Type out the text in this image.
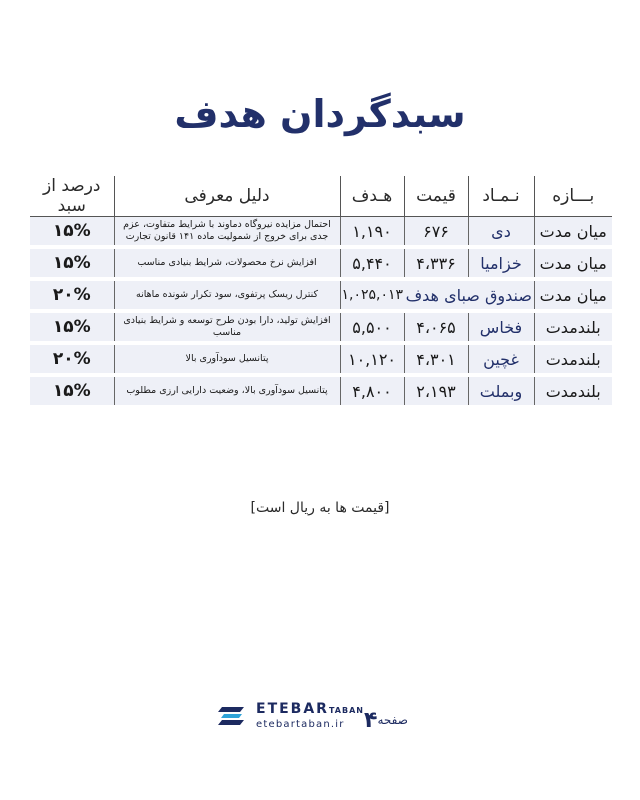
سبدگردان هدف
بـــازه	نـمـاد	قیمت	هـدف	دلیل معرفی	درصد از سبد
میان مدت	دی	۶۷۶	۱,۱۹۰	احتمال مزایده نیروگاه دماوند با شرایط متفاوت، عزم جدی برای خروج از شمولیت ماده ۱۴۱ قانون تجارت	۱۵%
میان مدت	خزامیا	۴،۳۳۶	۵,۴۴۰	افزایش نرخ محصولات، شرایط بنیادی مناسب	۱۵%
میان مدت	صندوق صبای هدف		۱,۰۲۵,۰۱۳	کنترل ریسک پرتفوی، سود تکرار شونده ماهانه	۲۰%
بلندمدت	فخاس	۴،۰۶۵	۵,۵۰۰	افزایش تولید، دارا بودن طرح توسعه و شرایط بنیادی مناسب	۱۵%
بلندمدت	غچین	۴،۳۰۱	۱۰,۱۲۰	پتانسیل سودآوری بالا	۲۰%
بلندمدت	وبملت	۲،۱۹۳	۴,۸۰۰	پتانسیل سودآوری بالا، وضعیت دارایی ارزی مطلوب	۱۵%
[قیمت ها به ریال است]
ETEBARTABAN
etebartaban.ir	صفحه۴
